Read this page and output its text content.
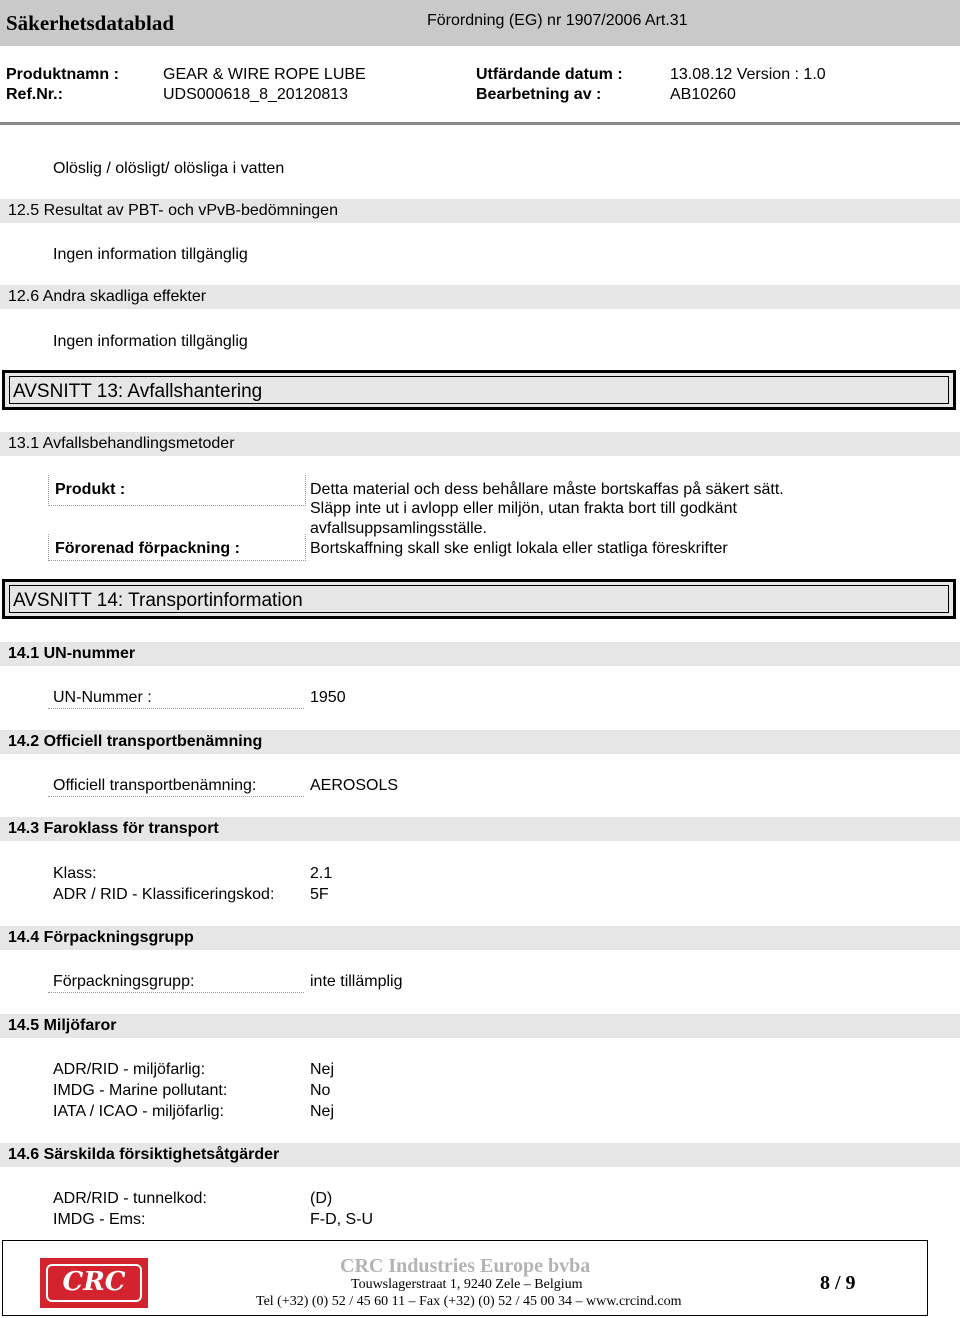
Säkerhetsdatablad	Förordning (EG) nr 1907/2006 Art.31
Produktnamn :	GEAR & WIRE ROPE LUBE	Utfärdande datum :	13.08.12 Version : 1.0
Ref.Nr.:	UDS000618_8_20120813	Bearbetning av :	AB10260
Olöslig / olösligt/ olösliga i vatten
12.5 Resultat av PBT- och vPvB-bedömningen
Ingen information tillgänglig
12.6 Andra skadliga effekter
Ingen information tillgänglig
AVSNITT 13: Avfallshantering
13.1 Avfallsbehandlingsmetoder
Produkt :	Detta material och dess behållare måste bortskaffas på säkert sätt.
Släpp inte ut i avlopp eller miljön, utan frakta bort till godkänt
avfallsuppsamlingsställe.
Förorenad förpackning :	Bortskaffning skall ske enligt lokala eller statliga föreskrifter
AVSNITT 14: Transportinformation
14.1 UN-nummer
UN-Nummer :	1950
14.2 Officiell transportbenämning
Officiell transportbenämning:	AEROSOLS
14.3 Faroklass för transport
Klass:	2.1
ADR / RID - Klassificeringskod: 5F
14.4 Förpackningsgrupp
Förpackningsgrupp:	inte tillämplig
14.5 Miljöfaror
ADR/RID - miljöfarlig:	Nej
IMDG - Marine pollutant:	No
IATA / ICAO - miljöfarlig:	Nej
14.6 Särskilda försiktighetsåtgärder
ADR/RID - tunnelkod:	(D)
IMDG - Ems:	F-D, S-U
CRC
CRC Industries Europe bvba
Touwslagerstraat 1, 9240 Zele – Belgium
Tel (+32) (0) 52 / 45 60 11 – Fax (+32) (0) 52 / 45 00 34 – www.crcind.com
8 / 9
